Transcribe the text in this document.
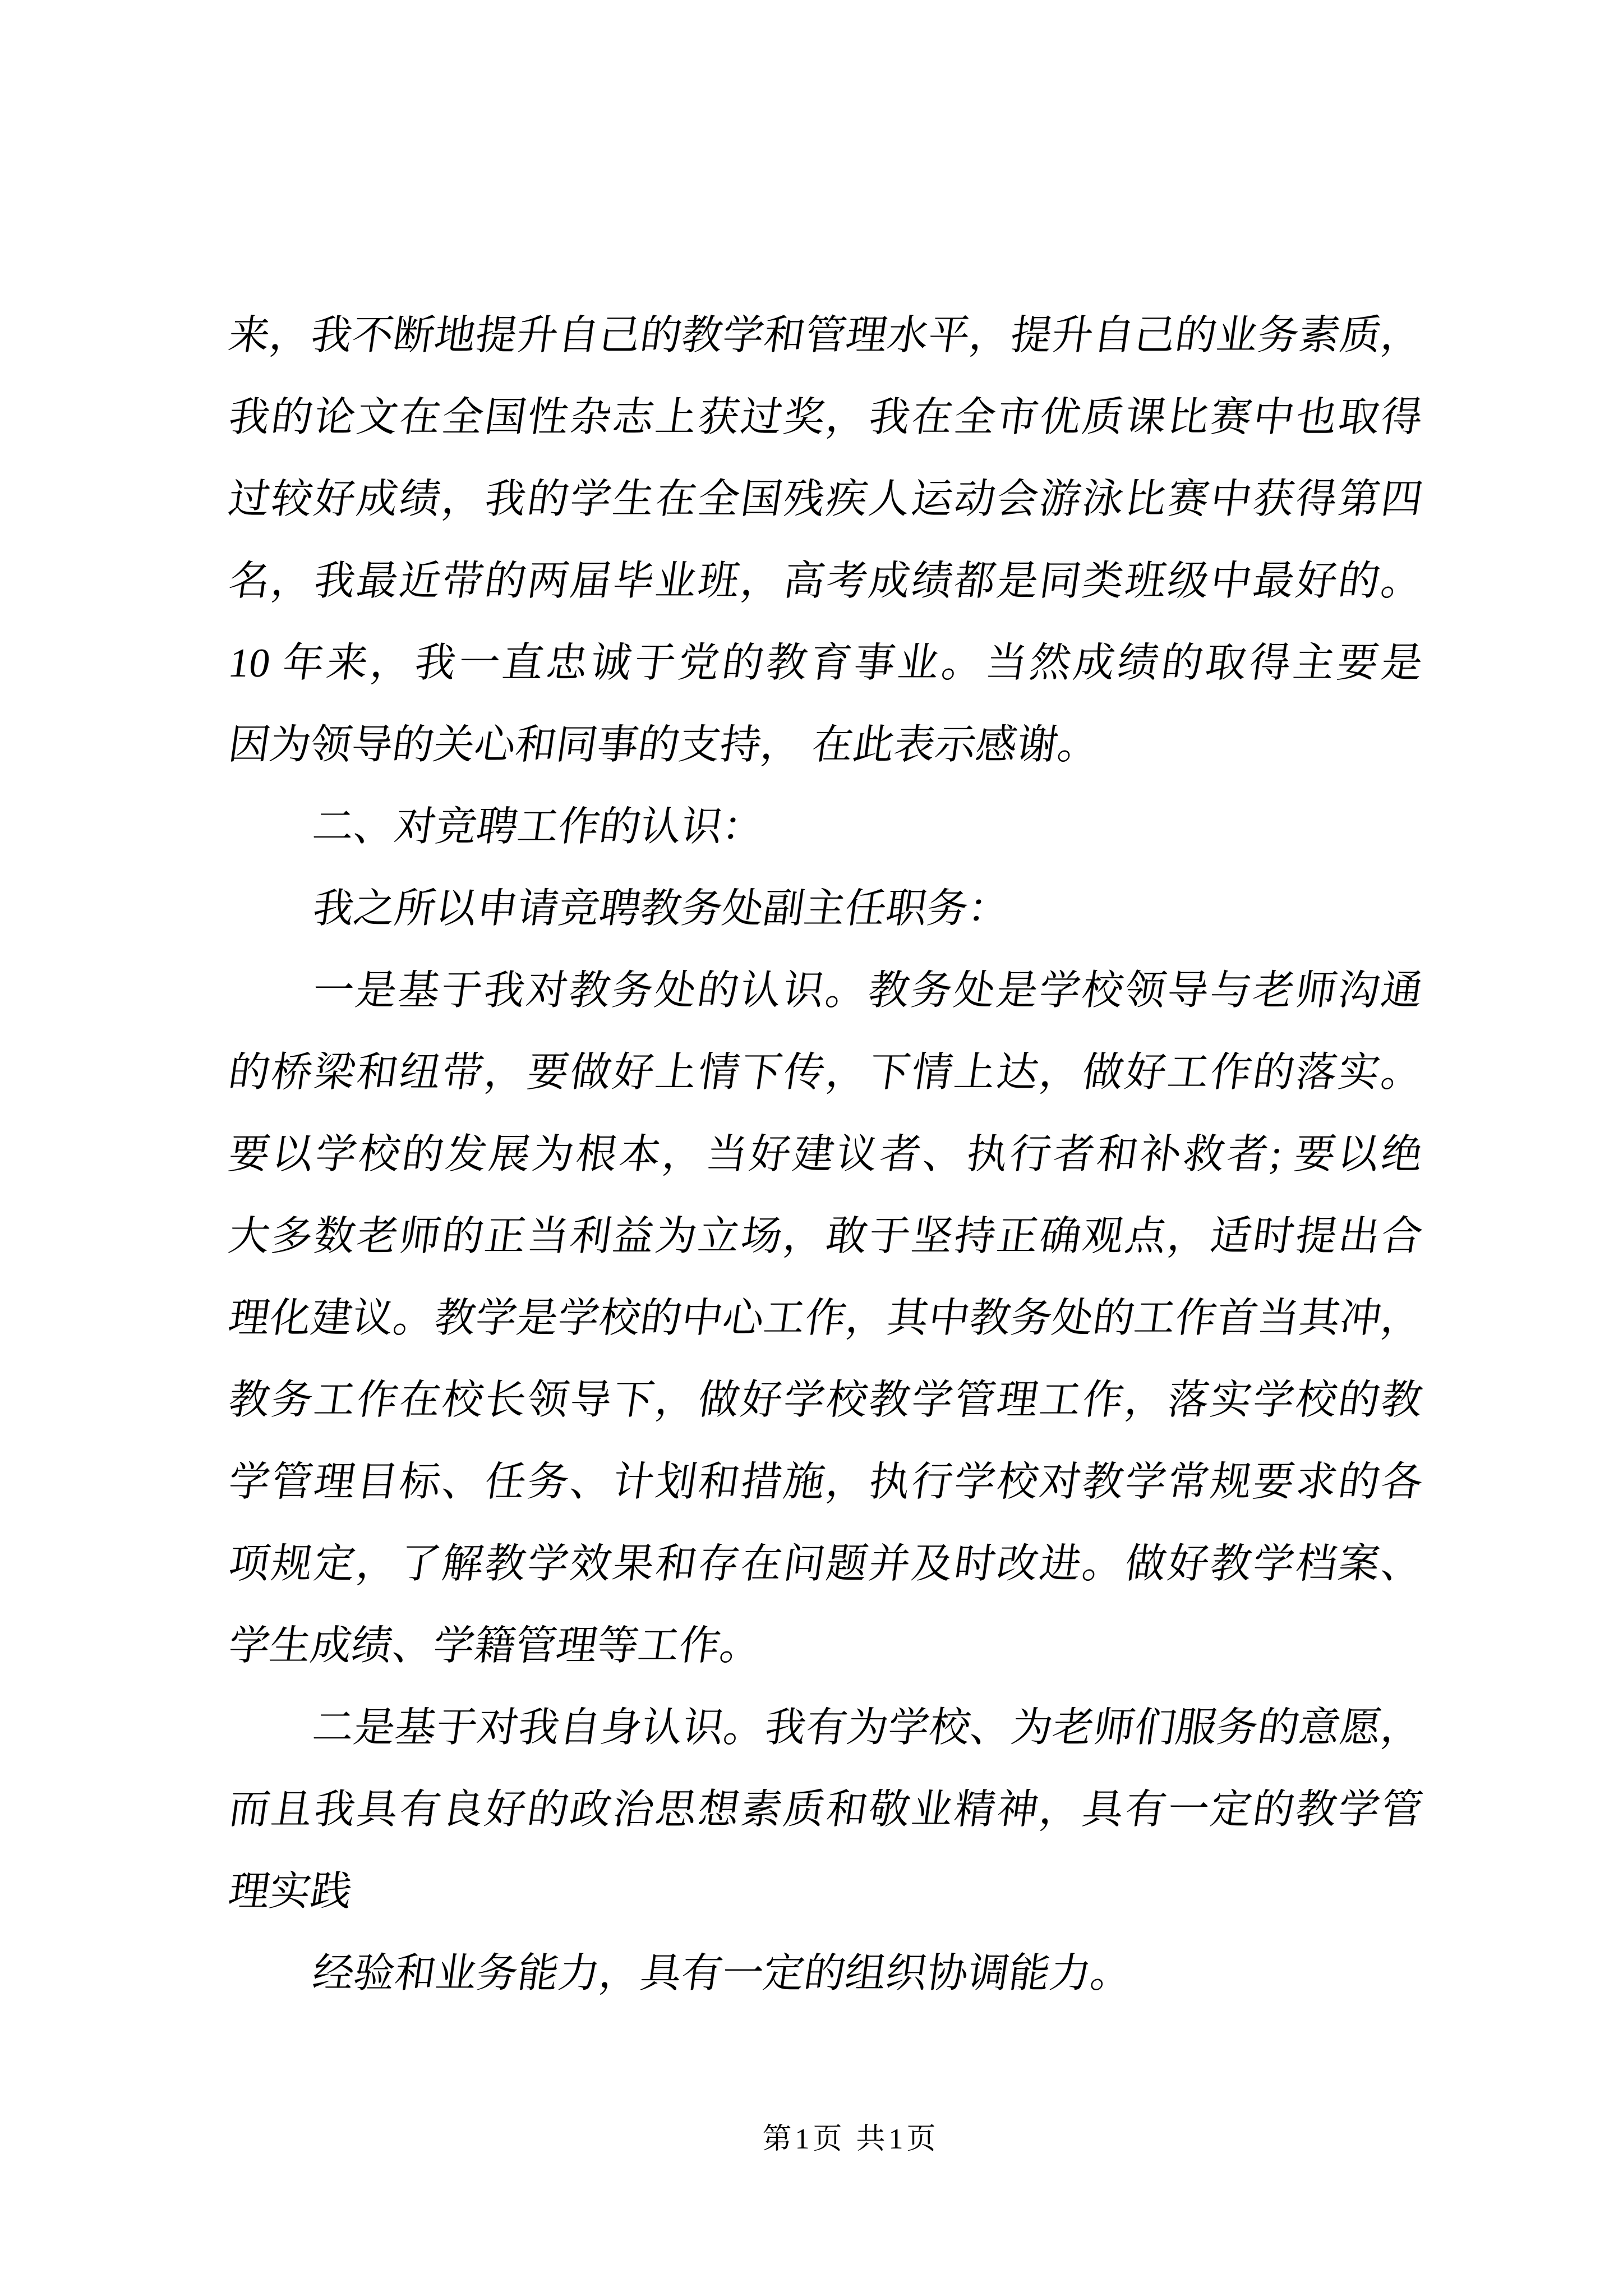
来，我不断地提升自己的教学和管理水平，提升自己的业务素质，
我的论文在全国性杂志上获过奖，我在全市优质课比赛中也取得
过较好成绩，我的学生在全国残疾人运动会游泳比赛中获得第四
名，我最近带的两届毕业班，高考成绩都是同类班级中最好的。
10 年来，我一直忠诚于党的教育事业。当然成绩的取得主要是
因为领导的关心和同事的支持， 在此表示感谢。
二、对竞聘工作的认识：
我之所以申请竞聘教务处副主任职务：
一是基于我对教务处的认识。教务处是学校领导与老师沟通
的桥梁和纽带，要做好上情下传，下情上达，做好工作的落实。
要以学校的发展为根本，当好建议者、执行者和补救者; 要以绝
大多数老师的正当利益为立场，敢于坚持正确观点，适时提出合
理化建议。教学是学校的中心工作，其中教务处的工作首当其冲，
教务工作在校长领导下，做好学校教学管理工作，落实学校的教
学管理目标、任务、计划和措施，执行学校对教学常规要求的各
项规定，了解教学效果和存在问题并及时改进。做好教学档案、
学生成绩、学籍管理等工作。
二是基于对我自身认识。我有为学校、为老师们服务的意愿，
而且我具有良好的政治思想素质和敬业精神，具有一定的教学管
理实践
经验和业务能力，具有一定的组织协调能力。
第1页 共1页
